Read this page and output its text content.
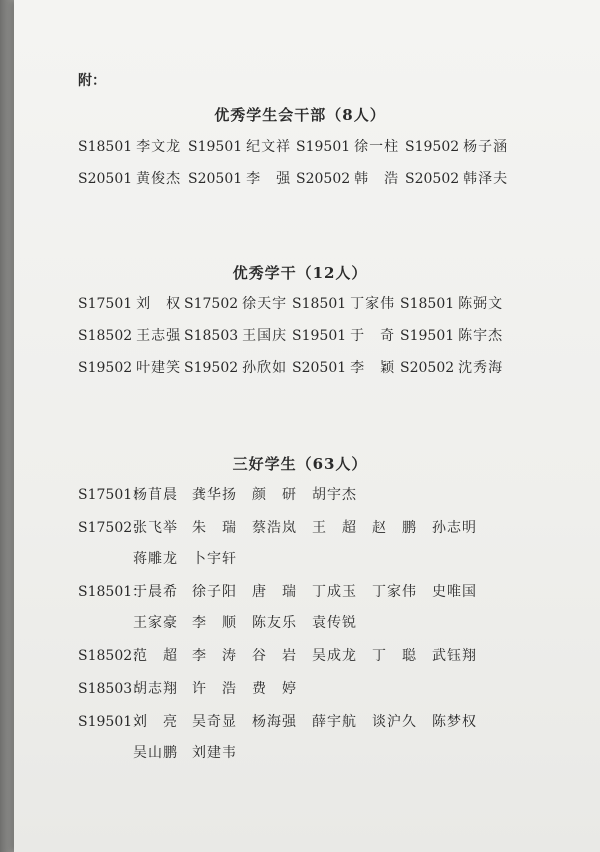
附：
优秀学生会干部（8人）
S18501 李文龙 S19501 纪文祥 S19501 徐一柱 S19502 杨子涵
S20501 黄俊杰 S20501 李　强 S20502 韩　浩 S20502 韩泽夫
优秀学干（12人）
S17501 刘　权 S17502 徐天宇 S18501 丁家伟 S18501 陈弼文
S18502 王志强 S18503 王国庆 S19501 于　奇 S19501 陈宇杰
S19502 叶建笑 S19502 孙欣如 S20501 李　颖 S20502 沈秀海
三好学生（63人）
S17501：
杨苜晨 龚华扬 颜　研 胡宇杰
S17502：
张飞举 朱　瑞 蔡浩岚 王　超 赵　鹏 孙志明
蒋雕龙 卜宇轩
S18501：
于晨希 徐子阳 唐　瑞 丁成玉 丁家伟 史唯国
王家豪 李　顺 陈友乐 袁传锐
S18502：
范　超 李　涛 谷　岩 吴成龙 丁　聪 武钰翔
S18503：
胡志翔 许　浩 费　婷
S19501：
刘　亮 吴奇显 杨海强 薛宇航 谈沪久 陈梦权
吴山鹏 刘建韦
